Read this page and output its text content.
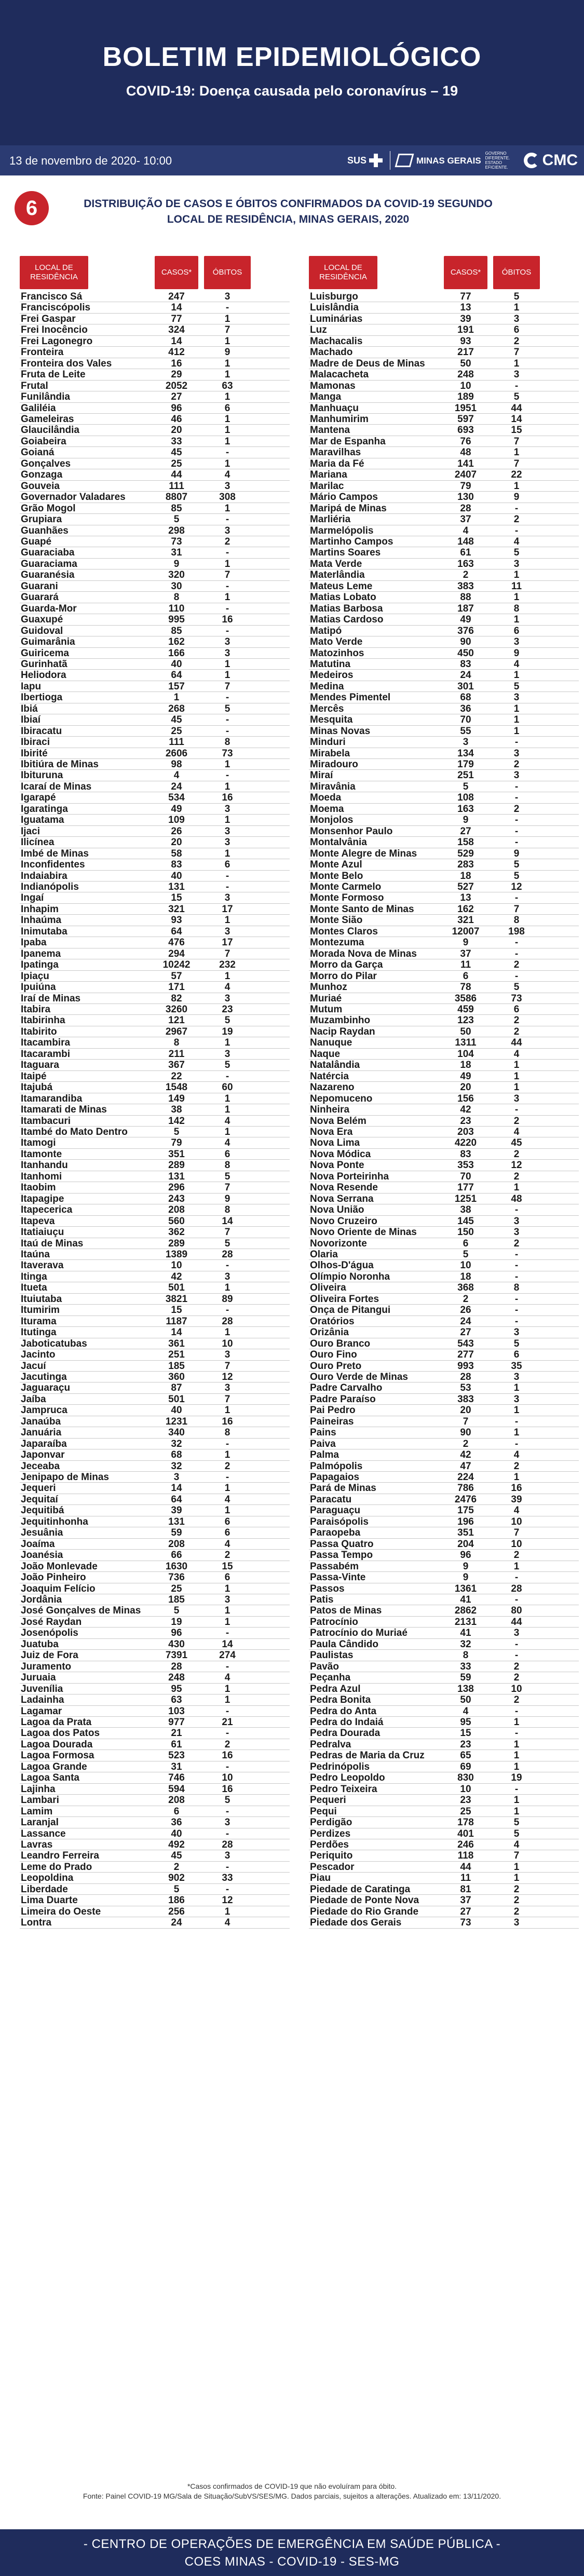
BOLETIM EPIDEMIOLÓGICO
COVID-19: Doença causada pelo coronavírus – 19
13 de novembro de 2020- 10:00	SUS	MINAS GERAIS
GOVERNO DIFERENTE. ESTADO EFICIENTE.	CMC
6	DISTRIBUIÇÃO DE CASOS E ÓBITOS CONFIRMADOS DA COVID-19 SEGUNDO LOCAL DE RESIDÊNCIA, MINAS GERAIS, 2020
LOCAL DE RESIDÊNCIA
CASOS*	ÓBITOS
Francisco Sá	247	3
Franciscópolis	14	-
Frei Gaspar	77	1
Frei Inocêncio	324	7
Frei Lagonegro	14	1
Fronteira	412	9
Fronteira dos Vales	16	1
Fruta de Leite	29	1
Frutal	2052	63
Funilândia	27	1
Galiléia	96	6
Gameleiras	46	1
Glaucilândia	20	1
Goiabeira	33	1
Goianá	45	-
Gonçalves	25	1
Gonzaga	44	4
Gouveia	111	3
Governador Valadares	8807	308
Grão Mogol	85	1
Grupiara	5	-
Guanhães	298	3
Guapé	73	2
Guaraciaba	31	-
Guaraciama	9	1
Guaranésia	320	7
Guarani	30	-
Guarará	8	1
Guarda-Mor	110	-
Guaxupé	995	16
Guidoval	85	-
Guimarânia	162	3
Guiricema	166	3
Gurinhatã	40	1
Heliodora	64	1
Iapu	157	7
Ibertioga	1	-
Ibiá	268	5
Ibiaí	45	-
Ibiracatu	25	-
Ibiraci	111	8
Ibirité	2606	73
Ibitiúra de Minas	98	1
Ibituruna	4	-
Icaraí de Minas	24	1
Igarapé	534	16
Igaratinga	49	3
Iguatama	109	1
Ijaci	26	3
Ilicínea	20	3
Imbé de Minas	58	1
Inconfidentes	83	6
Indaiabira	40	-
Indianópolis	131	-
Ingaí	15	3
Inhapim	321	17
Inhaúma	93	1
Inimutaba	64	3
Ipaba	476	17
Ipanema	294	7
Ipatinga	10242	232
Ipiaçu	57	1
Ipuiúna	171	4
Iraí de Minas	82	3
Itabira	3260	23
Itabirinha	121	5
Itabirito	2967	19
Itacambira	8	1
Itacarambi	211	3
Itaguara	367	5
Itaipé	22	-
Itajubá	1548	60
Itamarandiba	149	1
Itamarati de Minas	38	1
Itambacuri	142	4
Itambé do Mato Dentro	5	1
Itamogi	79	4
Itamonte	351	6
Itanhandu	289	8
Itanhomi	131	5
Itaobim	296	7
Itapagipe	243	9
Itapecerica	208	8
Itapeva	560	14
Itatiaiuçu	362	7
Itaú de Minas	289	5
Itaúna	1389	28
Itaverava	10	-
Itinga	42	3
Itueta	501	1
Ituiutaba	3821	89
Itumirim	15	-
Iturama	1187	28
Itutinga	14	1
Jaboticatubas	361	10
Jacinto	251	3
Jacuí	185	7
Jacutinga	360	12
Jaguaraçu	87	3
Jaíba	501	7
Jampruca	40	1
Janaúba	1231	16
Januária	340	8
Japaraíba	32	-
Japonvar	68	1
Jeceaba	32	2
Jenipapo de Minas	3	-
Jequeri	14	1
Jequitaí	64	4
Jequitibá	39	1
Jequitinhonha	131	6
Jesuânia	59	6
Joaíma	208	4
Joanésia	66	2
João Monlevade	1630	15
João Pinheiro	736	6
Joaquim Felício	25	1
Jordânia	185	3
José Gonçalves de Minas	5	1
José Raydan	19	1
Josenópolis	96	-
Juatuba	430	14
Juiz de Fora	7391	274
Juramento	28	-
Juruaia	248	4
Juvenília	95	1
Ladainha	63	1
Lagamar	103	-
Lagoa da Prata	977	21
Lagoa dos Patos	21	-
Lagoa Dourada	61	2
Lagoa Formosa	523	16
Lagoa Grande	31	-
Lagoa Santa	746	10
Lajinha	594	16
Lambari	208	5
Lamim	6	-
Laranjal	36	3
Lassance	40	-
Lavras	492	28
Leandro Ferreira	45	3
Leme do Prado	2	-
Leopoldina	902	33
Liberdade	5	-
Lima Duarte	186	12
Limeira do Oeste	256	1
Lontra	24	4
LOCAL DE RESIDÊNCIA
CASOS*	ÓBITOS
Luisburgo	77	5
Luislândia	13	1
Luminárias	39	3
Luz	191	6
Machacalis	93	2
Machado	217	7
Madre de Deus de Minas	50	1
Malacacheta	248	3
Mamonas	10	-
Manga	189	5
Manhuaçu	1951	44
Manhumirim	597	14
Mantena	693	15
Mar de Espanha	76	7
Maravilhas	48	1
Maria da Fé	141	7
Mariana	2407	22
Marilac	79	1
Mário Campos	130	9
Maripá de Minas	28	-
Marliéria	37	2
Marmelópolis	4	-
Martinho Campos	148	4
Martins Soares	61	5
Mata Verde	163	3
Materlândia	2	1
Mateus Leme	383	11
Matias Lobato	88	1
Matias Barbosa	187	8
Matias Cardoso	49	1
Matipó	376	6
Mato Verde	90	3
Matozinhos	450	9
Matutina	83	4
Medeiros	24	1
Medina	301	5
Mendes Pimentel	68	3
Mercês	36	1
Mesquita	70	1
Minas Novas	55	1
Minduri	3	-
Mirabela	134	3
Miradouro	179	2
Miraí	251	3
Miravânia	5	-
Moeda	108	-
Moema	163	2
Monjolos	9	-
Monsenhor Paulo	27	-
Montalvânia	158	-
Monte Alegre de Minas	529	9
Monte Azul	283	5
Monte Belo	18	5
Monte Carmelo	527	12
Monte Formoso	13	-
Monte Santo de Minas	162	7
Monte Sião	321	8
Montes Claros	12007	198
Montezuma	9	-
Morada Nova de Minas	37	-
Morro da Garça	11	2
Morro do Pilar	6	-
Munhoz	78	5
Muriaé	3586	73
Mutum	459	6
Muzambinho	123	2
Nacip Raydan	50	2
Nanuque	1311	44
Naque	104	4
Natalândia	18	1
Natércia	49	1
Nazareno	20	1
Nepomuceno	156	3
Ninheira	42	-
Nova Belém	23	2
Nova Era	203	4
Nova Lima	4220	45
Nova Módica	83	2
Nova Ponte	353	12
Nova Porteirinha	70	2
Nova Resende	177	1
Nova Serrana	1251	48
Nova União	38	-
Novo Cruzeiro	145	3
Novo Oriente de Minas	150	3
Novorizonte	6	2
Olaria	5	-
Olhos-D'água	10	-
Olímpio Noronha	18	-
Oliveira	368	8
Oliveira Fortes	2	-
Onça de Pitangui	26	-
Oratórios	24	-
Orizânia	27	3
Ouro Branco	543	5
Ouro Fino	277	6
Ouro Preto	993	35
Ouro Verde de Minas	28	3
Padre Carvalho	53	1
Padre Paraíso	383	3
Pai Pedro	20	1
Paineiras	7	-
Pains	90	1
Paiva	2	-
Palma	42	4
Palmópolis	47	2
Papagaios	224	1
Pará de Minas	786	16
Paracatu	2476	39
Paraguaçu	175	4
Paraisópolis	196	10
Paraopeba	351	7
Passa Quatro	204	10
Passa Tempo	96	2
Passabém	9	1
Passa-Vinte	9	-
Passos	1361	28
Patis	41	-
Patos de Minas	2862	80
Patrocínio	2131	44
Patrocínio do Muriaé	41	3
Paula Cândido	32	-
Paulistas	8	-
Pavão	33	2
Peçanha	59	2
Pedra Azul	138	10
Pedra Bonita	50	2
Pedra do Anta	4	-
Pedra do Indaiá	95	1
Pedra Dourada	15	-
Pedralva	23	1
Pedras de Maria da Cruz	65	1
Pedrinópolis	69	1
Pedro Leopoldo	830	19
Pedro Teixeira	10	-
Pequeri	23	1
Pequi	25	1
Perdigão	178	5
Perdizes	401	5
Perdões	246	4
Periquito	118	7
Pescador	44	1
Piau	11	1
Piedade de Caratinga	81	2
Piedade de Ponte Nova	37	2
Piedade do Rio Grande	27	2
Piedade dos Gerais	73	3
*Casos confirmados de COVID-19 que não evoluíram para óbito.
Fonte: Painel COVID-19 MG/Sala de Situação/SubVS/SES/MG. Dados parciais, sujeitos a alterações. Atualizado em: 13/11/2020.
- CENTRO DE OPERAÇÕES DE EMERGÊNCIA EM SAÚDE PÚBLICA -
COES MINAS - COVID-19 - SES-MG
